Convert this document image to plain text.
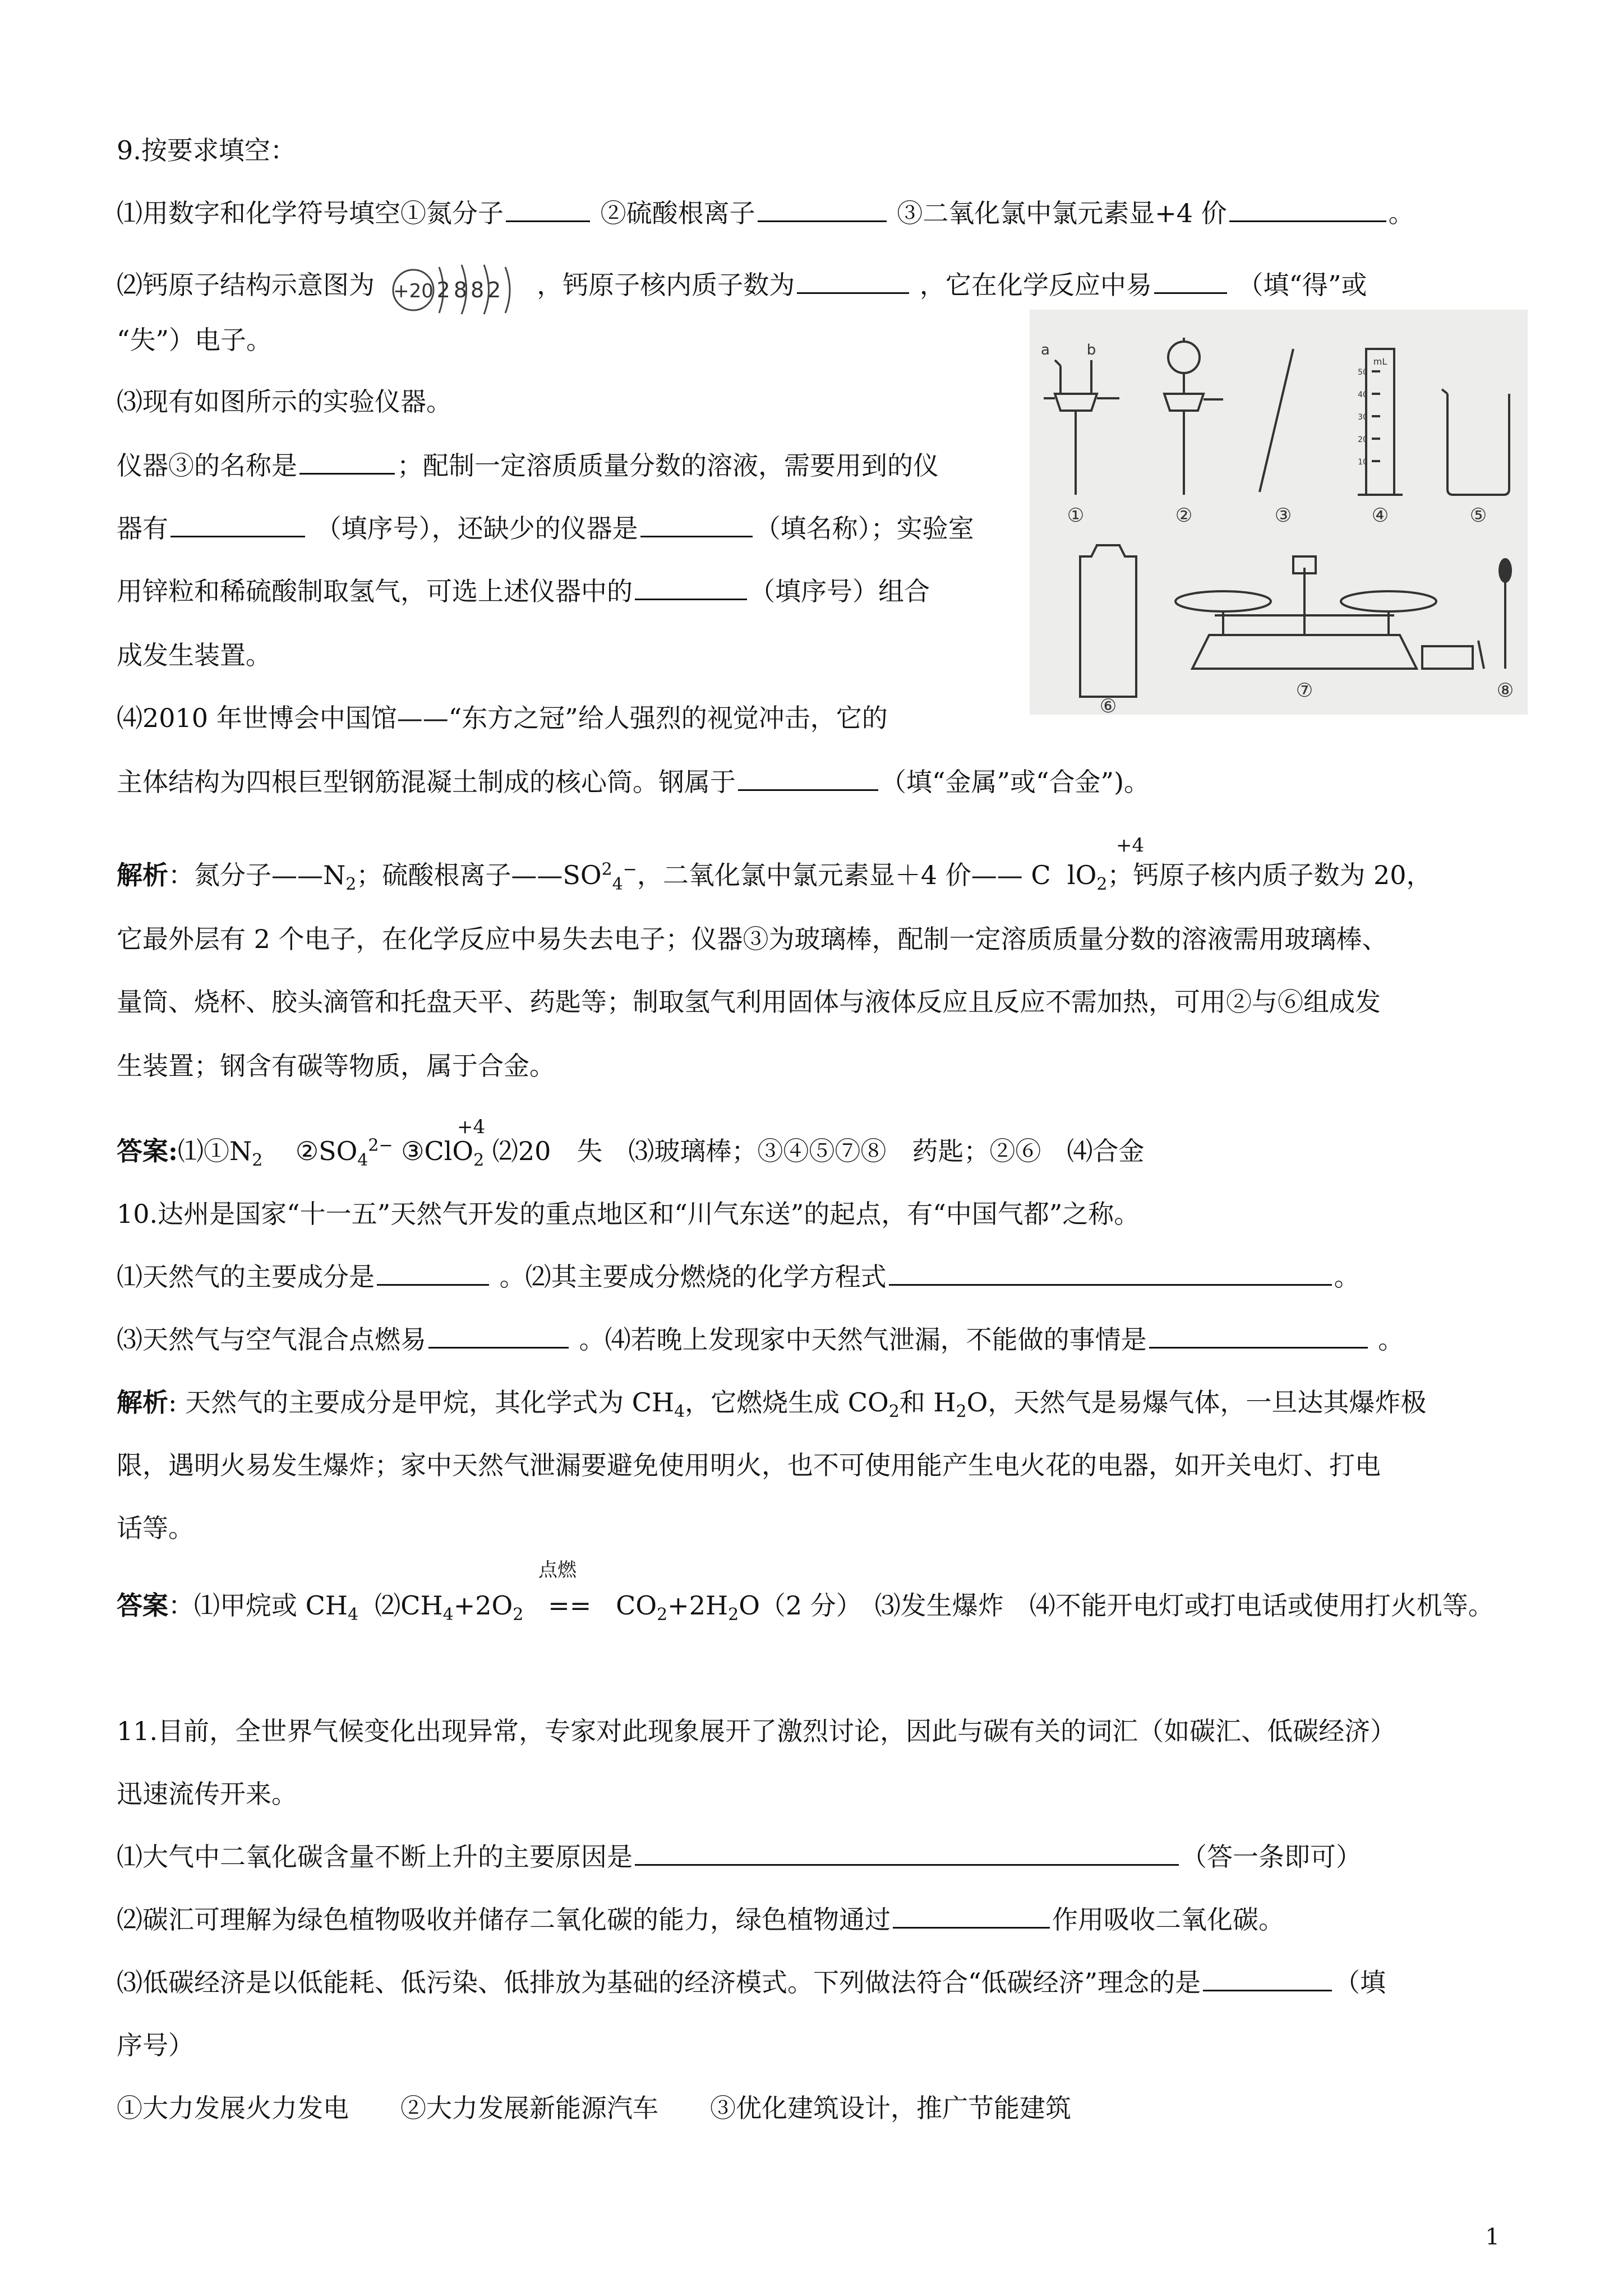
9.按要求填空：
⑴用数字和化学符号填空①氮分子	②硫酸根离子	③二氧化氯中氯元素显+4 价	。
⑵钙原子结构示意图为 +20 2882 ，钙原子核内质子数为	，它在化学反应中易	（填“得”或
“失”）电子。
⑶现有如图所示的实验仪器。
仪器③的名称是	；配制一定溶质质量分数的溶液，需要用到的仪
器有	（填序号），还缺少的仪器是	（填名称）；实验室
用锌粒和稀硫酸制取氢气，可选上述仪器中的	（填序号）组合
成发生装置。
⑷2010 年世博会中国馆——“东方之冠”给人强烈的视觉冲击，它的
主体结构为四根巨型钢筋混凝土制成的核心筒。钢属于	（填“金属”或“合金”)。
a	b
mL
50
40
30
20
10
①	②	③	④	⑤
⑥
⑦	⑧
+4
解析：氮分子$——N_2$；硫酸根离子$——SO^2_4^-$，二氧化氯中氯元素显＋4 价—— C $lO_2$；钙原子核内质子数为 20，
它最外层有 2 个电子，在化学反应中易失去电子；仪器③为玻璃棒，配制一定溶质质量分数的溶液需用玻璃棒、
量筒、烧杯、胶头滴管和托盘天平、药匙等；制取氢气利用固体与液体反应且反应不需加热，可用②与⑥组成发
生装置；钢含有碳等物质，属于合金。
+4
答案$:⑴①N_2$ $②SO_4^{2-}$ ③ClO$_2$ ⑵20　失　⑶玻璃棒；③④⑤⑦⑧　药匙；②⑥　⑷合金
10.达州是国家“十一五”天然气开发的重点地区和“川气东送”的起点，有“中国气都”之称。
⑴天然气的主要成分是	。⑵其主要成分燃烧的化学方程式	。
⑶天然气与空气混合点燃易	。⑷若晚上发现家中天然气泄漏，不能做的事情是	。
解析: 天然气的主要成分是甲烷，其化学式为 $CH_4$，它燃烧生成 $CO_2$和 $H_2O$，天然气是易爆气体，一旦达其爆炸极
限，遇明火易发生爆炸；家中天然气泄漏要避免使用明火，也不可使用能产生电火花的电器，如开关电灯、打电
话等。
点燃
答案：⑴甲烷或 $CH_4$ $⑵CH_4+2O_2 == CO_2+2H_2O(2$ 分）　⑶发生爆炸　⑷不能开电灯或打电话或使用打火机等。
11.目前，全世界气候变化出现异常，专家对此现象展开了激烈讨论，因此与碳有关的词汇（如碳汇、低碳经济）
迅速流传开来。
⑴大气中二氧化碳含量不断上升的主要原因是	（答一条即可）
⑵碳汇可理解为绿色植物吸收并储存二氧化碳的能力，绿色植物通过	作用吸收二氧化碳。
⑶低碳经济是以低能耗、低污染、低排放为基础的经济模式。下列做法符合“低碳经济”理念的是	（填
序号）
①大力发展火力发电　　②大力发展新能源汽车　　③优化建筑设计，推广节能建筑
1
